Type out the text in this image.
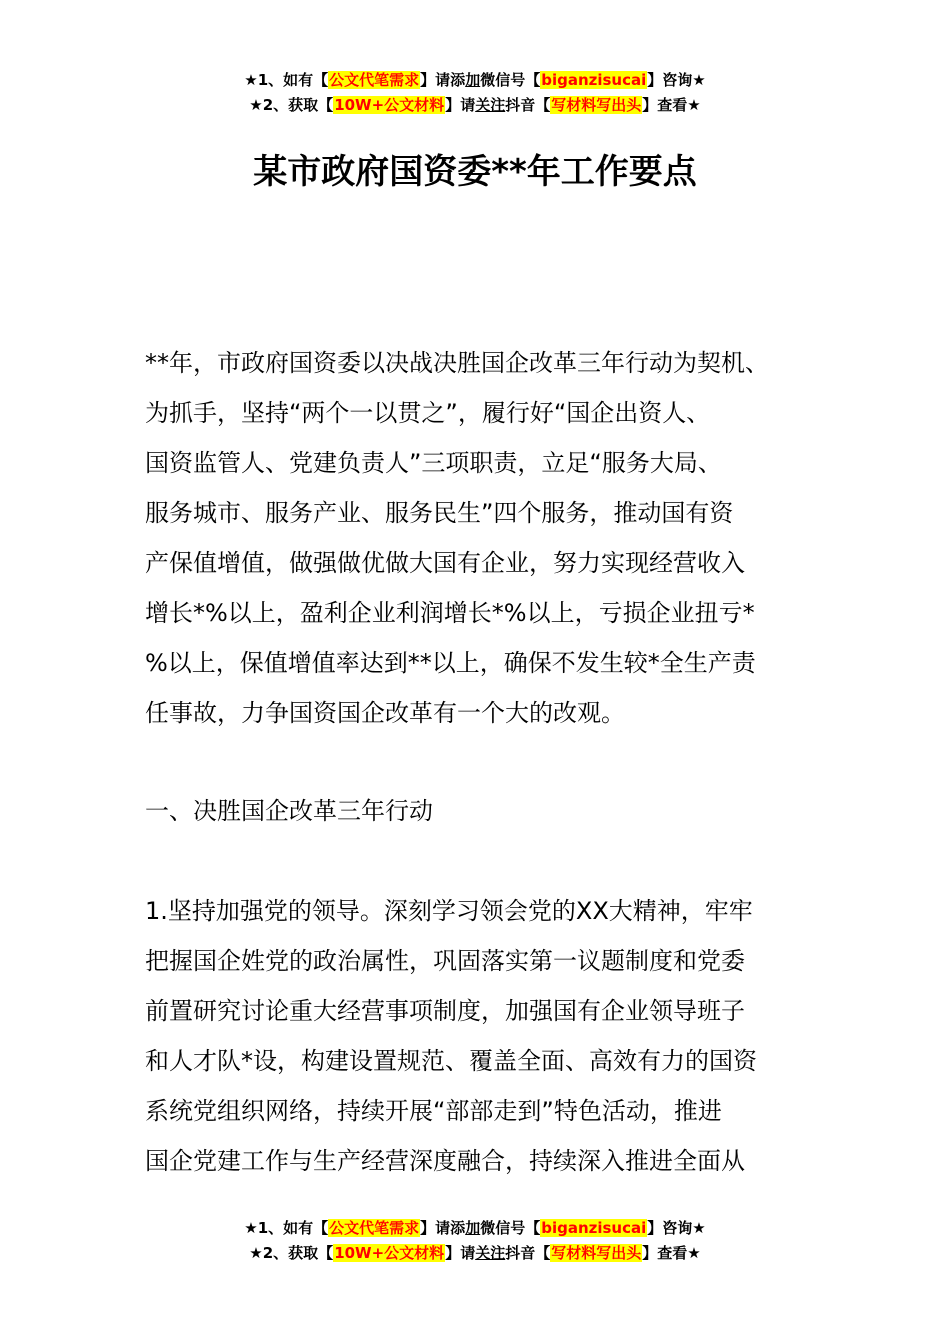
★1、如有【公文代笔需求】请添加微信号【biganzisucai】咨询★
★2、获取【10W+公文材料】请关注抖音【写材料写出头】查看★
某市政府国资委**年工作要点
**年，市政府国资委以决战决胜国企改革三年行动为契机、
为抓手，坚持“两个一以贯之”，履行好“国企出资人、
国资监管人、党建负责人”三项职责，立足“服务大局、
服务城市、服务产业、服务民生”四个服务，推动国有资
产保值增值，做强做优做大国有企业，努力实现经营收入
增长*%以上，盈利企业利润增长*%以上，亏损企业扭亏*
%以上，保值增值率达到**以上，确保不发生较*全生产责
任事故，力争国资国企改革有一个大的改观。
一、决胜国企改革三年行动
1.坚持加强党的领导。深刻学习领会党的XX大精神，牢牢
把握国企姓党的政治属性，巩固落实第一议题制度和党委
前置研究讨论重大经营事项制度，加强国有企业领导班子
和人才队*设，构建设置规范、覆盖全面、高效有力的国资
系统党组织网络，持续开展“部部走到”特色活动，推进
国企党建工作与生产经营深度融合，持续深入推进全面从
★1、如有【公文代笔需求】请添加微信号【biganzisucai】咨询★
★2、获取【10W+公文材料】请关注抖音【写材料写出头】查看★
